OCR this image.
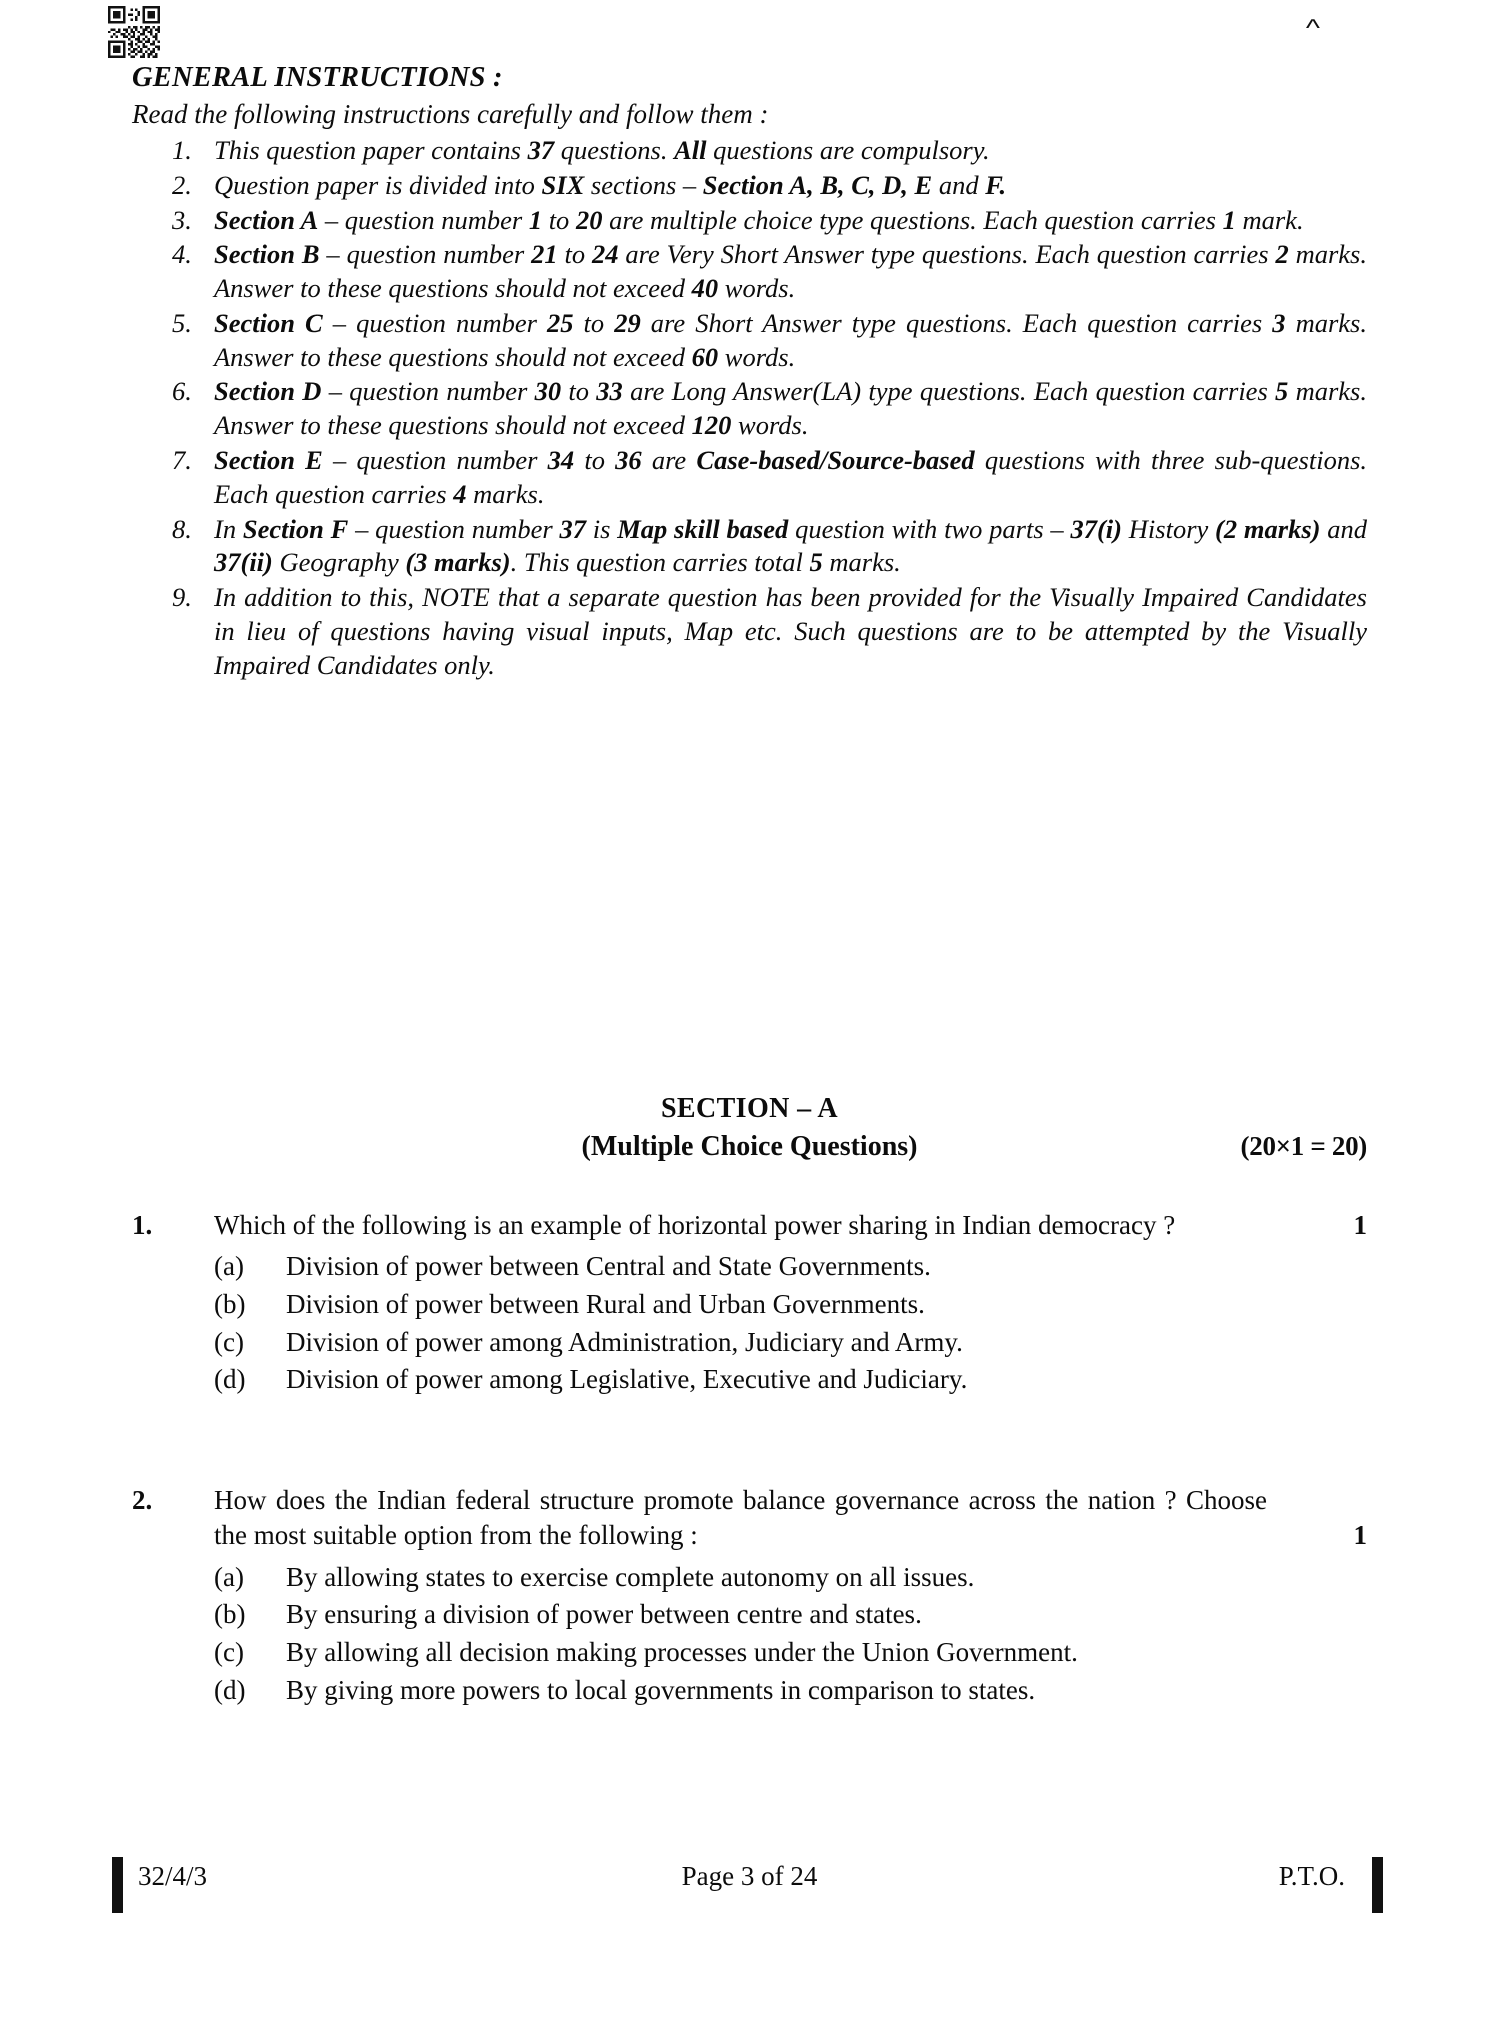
^
GENERAL INSTRUCTIONS :
Read the following instructions carefully and follow them :
1. This question paper contains 37 questions. All questions are compulsory.
2. Question paper is divided into SIX sections – Section A, B, C, D, E and F.
3. Section A – question number 1 to 20 are multiple choice type questions. Each question carries 1 mark.
4. Section B – question number 21 to 24 are Very Short Answer type questions. Each question carries 2 marks. Answer to these questions should not exceed 40 words.
5. Section C – question number 25 to 29 are Short Answer type questions. Each question carries 3 marks. Answer to these questions should not exceed 60 words.
6. Section D – question number 30 to 33 are Long Answer(LA) type questions. Each question carries 5 marks. Answer to these questions should not exceed 120 words.
7. Section E – question number 34 to 36 are Case-based/Source-based questions with three sub-questions. Each question carries 4 marks.
8. In Section F – question number 37 is Map skill based question with two parts – 37(i) History (2 marks) and 37(ii) Geography (3 marks). This question carries total 5 marks.
9. In addition to this, NOTE that a separate question has been provided for the Visually Impaired Candidates in lieu of questions having visual inputs, Map etc. Such questions are to be attempted by the Visually Impaired Candidates only.
SECTION – A
(Multiple Choice Questions)	(20×1 = 20)
1. Which of the following is an example of horizontal power sharing in Indian democracy ?	1
(a) Division of power between Central and State Governments.
(b) Division of power between Rural and Urban Governments.
(c) Division of power among Administration, Judiciary and Army.
(d) Division of power among Legislative, Executive and Judiciary.
2. How does the Indian federal structure promote balance governance across the nation ? Choose the most suitable option from the following :	1
(a) By allowing states to exercise complete autonomy on all issues.
(b) By ensuring a division of power between centre and states.
(c) By allowing all decision making processes under the Union Government.
(d) By giving more powers to local governments in comparison to states.
32/4/3	Page 3 of 24	P.T.O.
